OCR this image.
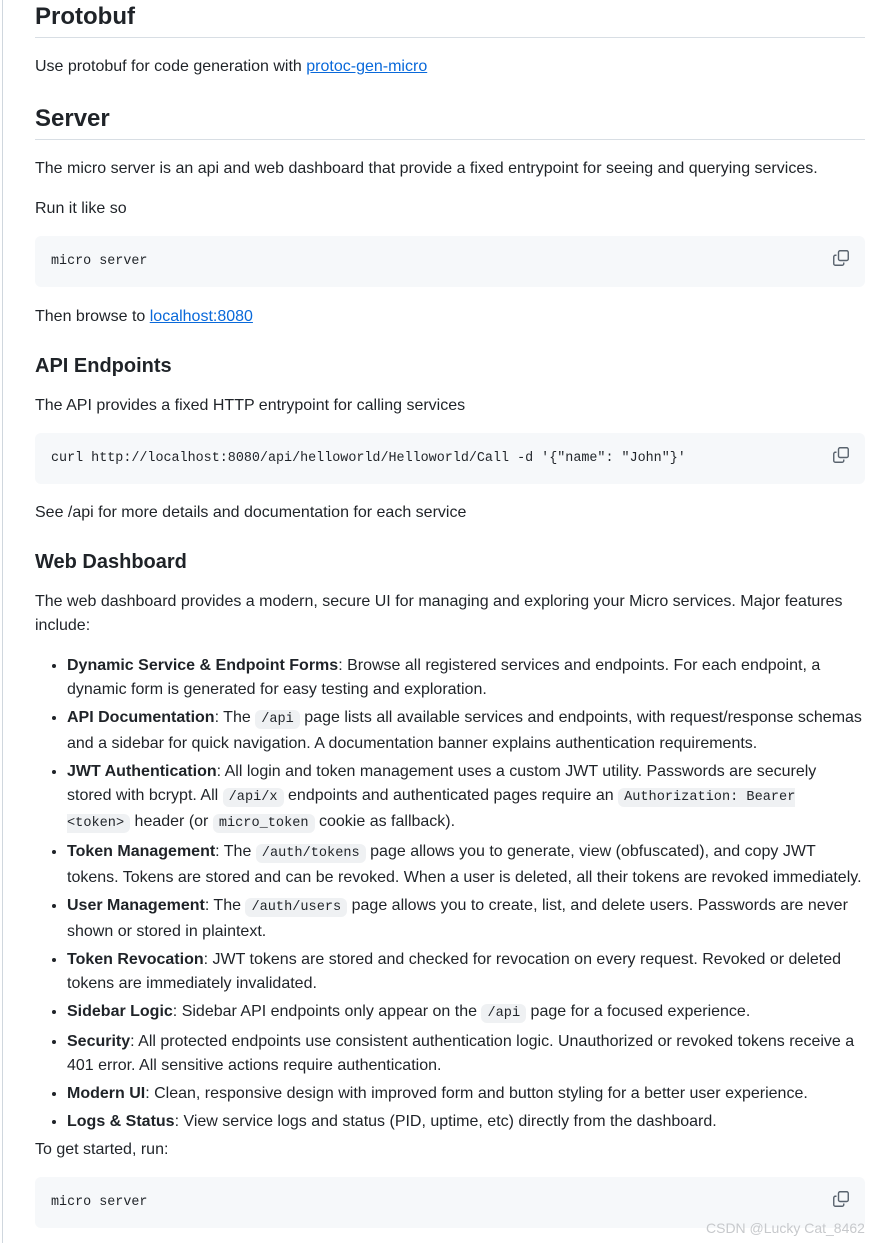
Protobuf

Use protobuf for code generation with protoc-gen-micro

Server

The micro server is an api and web dashboard that provide a fixed entrypoint for seeing and querying services.

Run it like so

micro server

Then browse to localhost:8080

API Endpoints

The API provides a fixed HTTP entrypoint for calling services

curl http://localhost:8080/api/helloworld/Helloworld/Call -d '{"name": "John"}'

See /api for more details and documentation for each service

Web Dashboard

The web dashboard provides a modern, secure UI for managing and exploring your Micro services. Major features include:

• Dynamic Service & Endpoint Forms: Browse all registered services and endpoints. For each endpoint, a dynamic form is generated for easy testing and exploration.
• API Documentation: The /api page lists all available services and endpoints, with request/response schemas and a sidebar for quick navigation. A documentation banner explains authentication requirements.
• JWT Authentication: All login and token management uses a custom JWT utility. Passwords are securely stored with bcrypt. All /api/x endpoints and authenticated pages require an Authorization: Bearer <token> header (or micro_token cookie as fallback).
• Token Management: The /auth/tokens page allows you to generate, view (obfuscated), and copy JWT tokens. Tokens are stored and can be revoked. When a user is deleted, all their tokens are revoked immediately.
• User Management: The /auth/users page allows you to create, list, and delete users. Passwords are never shown or stored in plaintext.
• Token Revocation: JWT tokens are stored and checked for revocation on every request. Revoked or deleted tokens are immediately invalidated.
• Sidebar Logic: Sidebar API endpoints only appear on the /api page for a focused experience.
• Security: All protected endpoints use consistent authentication logic. Unauthorized or revoked tokens receive a 401 error. All sensitive actions require authentication.
• Modern UI: Clean, responsive design with improved form and button styling for a better user experience.
• Logs & Status: View service logs and status (PID, uptime, etc) directly from the dashboard.

To get started, run:

micro server
CSDN @Lucky Cat_8462
